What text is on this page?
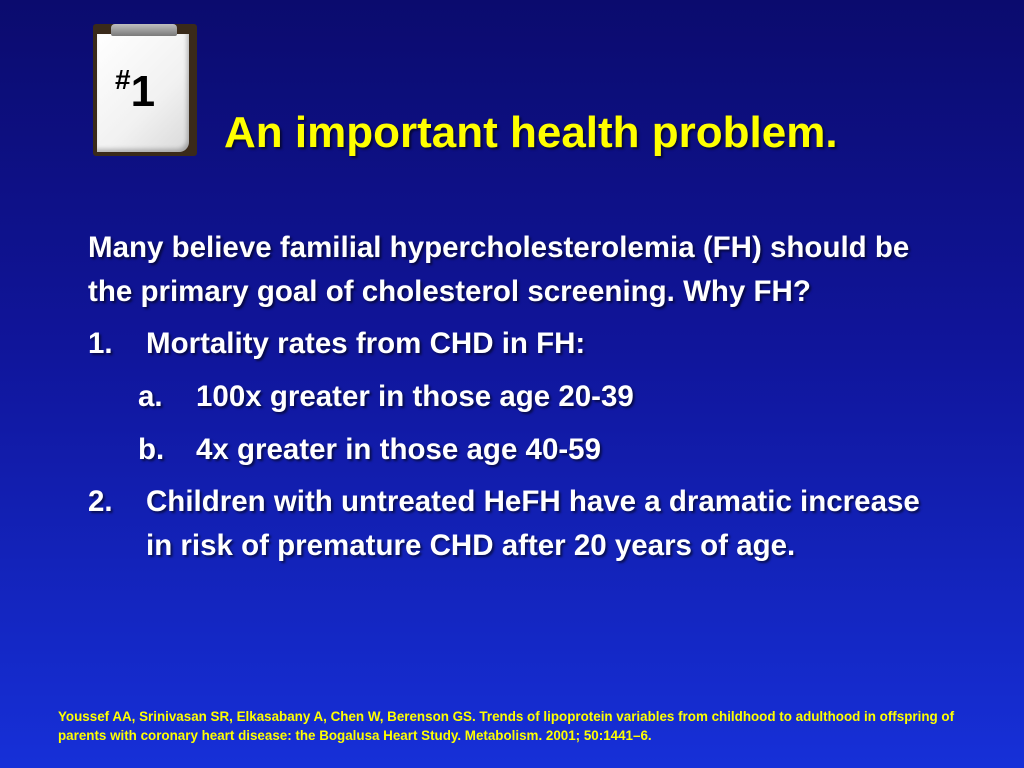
#1
An important health problem.

Many believe familial hypercholesterolemia (FH) should be the primary goal of cholesterol screening. Why FH?

1. Mortality rates from CHD in FH:
a. 100x greater in those age 20-39
b. 4x greater in those age 40-59
2. Children with untreated HeFH have a dramatic increase in risk of premature CHD after 20 years of age.

Youssef AA, Srinivasan SR, Elkasabany A, Chen W, Berenson GS. Trends of lipoprotein variables from childhood to adulthood in offspring of parents with coronary heart disease: the Bogalusa Heart Study. Metabolism. 2001; 50:1441–6.
